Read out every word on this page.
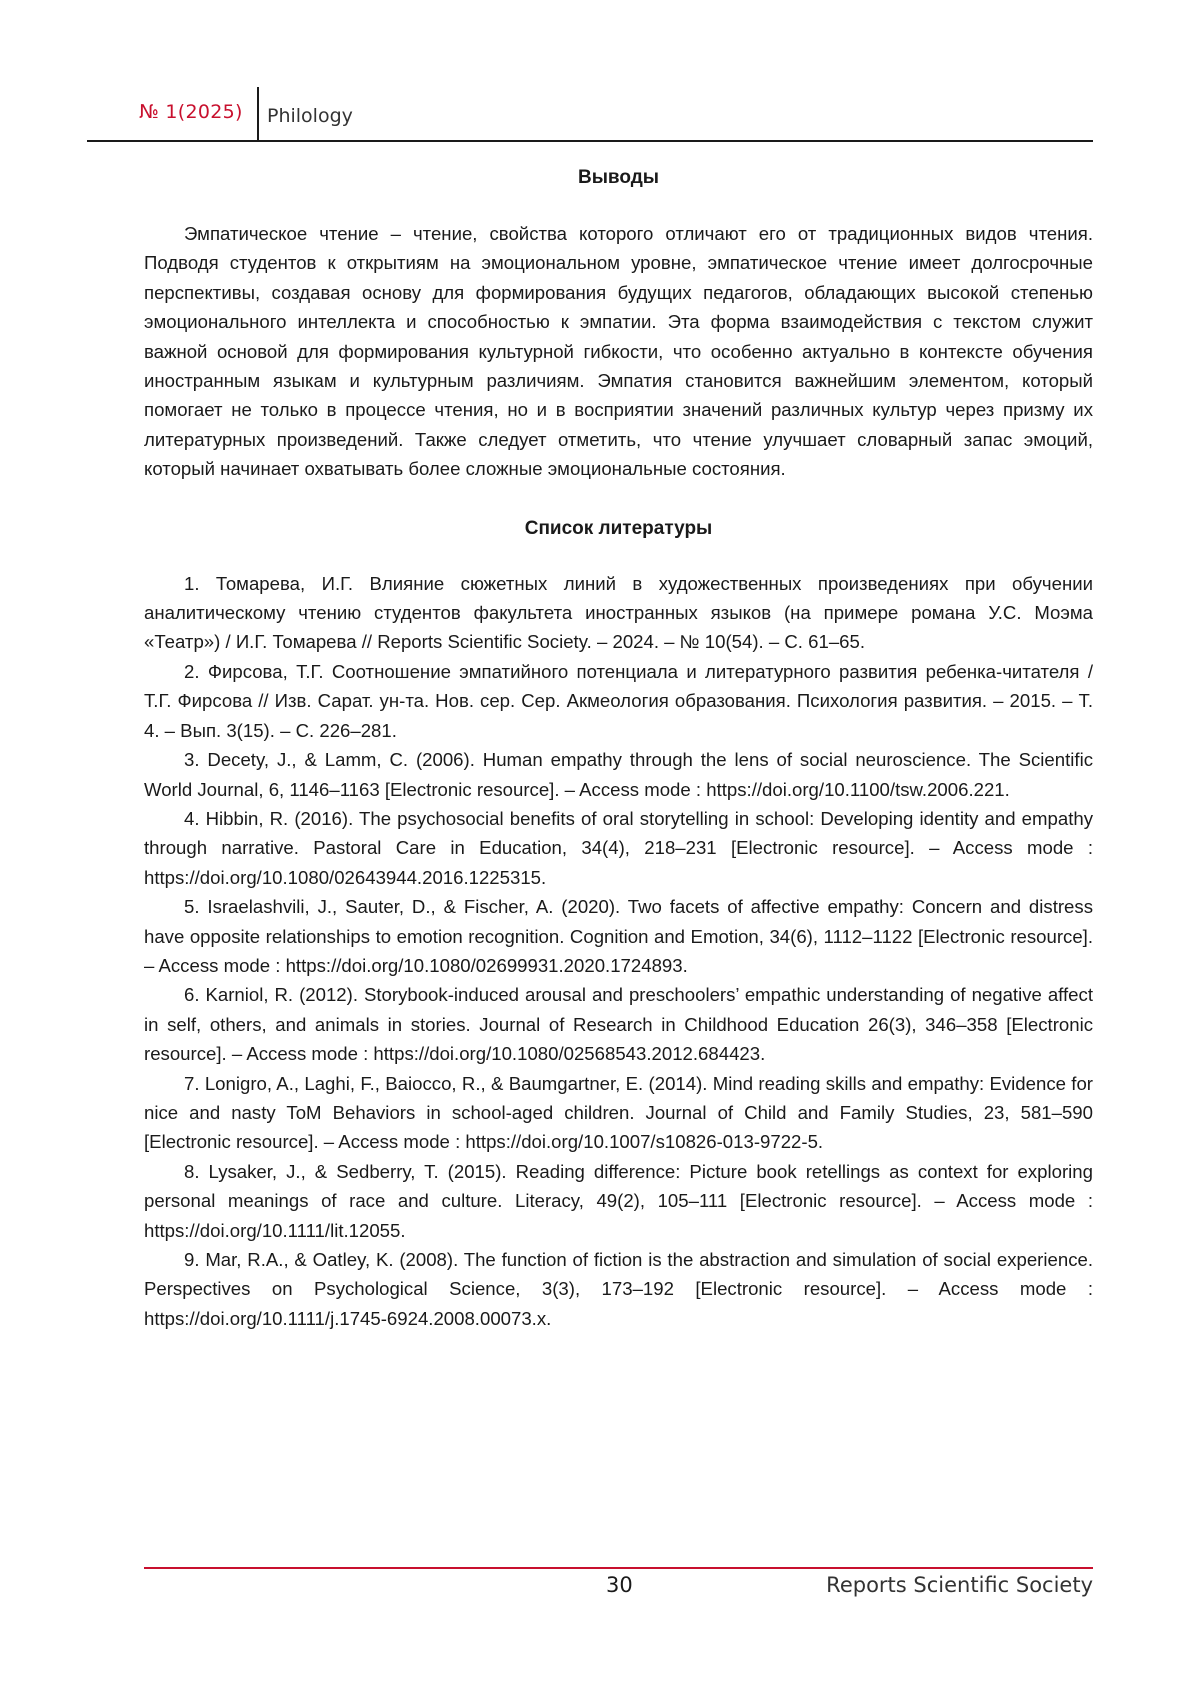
№ 1(2025) Philology
Выводы

Эмпатическое чтение – чтение, свойства которого отличают его от традиционных видов чтения. Подводя студентов к открытиям на эмоциональном уровне, эмпатическое чтение имеет долгосрочные перспективы, создавая основу для формирования будущих педагогов, обладающих высокой степенью эмоционального интеллекта и способностью к эмпатии. Эта форма взаимодействия с текстом служит важной основой для формирования культурной гибкости, что особенно актуально в контексте обучения иностранным языкам и культурным различиям. Эмпатия становится важнейшим элементом, который помогает не только в процессе чтения, но и в восприятии значений различных культур через призму их литературных произведений. Также следует отметить, что чтение улучшает словарный запас эмоций, который начинает охватывать более сложные эмоциональные состояния.

Список литературы

1. Томарева, И.Г. Влияние сюжетных линий в художественных произведениях при обучении аналитическому чтению студентов факультета иностранных языков (на примере романа У.С. Моэма «Театр») / И.Г. Томарева // Reports Scientific Society. – 2024. – № 10(54). – С. 61–65.

2. Фирсова, Т.Г. Соотношение эмпатийного потенциала и литературного развития ребенка-читателя / Т.Г. Фирсова // Изв. Сарат. ун-та. Нов. сер. Сер. Акмеология образования. Психология развития. – 2015. – Т. 4. – Вып. 3(15). – С. 226–281.

3. Decety, J., & Lamm, C. (2006). Human empathy through the lens of social neuroscience. The Scientific World Journal, 6, 1146–1163 [Electronic resource]. – Access mode : https://doi.org/10.1100/tsw.2006.221.

4. Hibbin, R. (2016). The psychosocial benefits of oral storytelling in school: Developing identity and empathy through narrative. Pastoral Care in Education, 34(4), 218–231 [Electronic resource]. – Access mode : https://doi.org/10.1080/02643944.2016.1225315.

5. Israelashvili, J., Sauter, D., & Fischer, A. (2020). Two facets of affective empathy: Concern and distress have opposite relationships to emotion recognition. Cognition and Emotion, 34(6), 1112–1122 [Electronic resource]. – Access mode : https://doi.org/10.1080/02699931.2020.1724893.

6. Karniol, R. (2012). Storybook-induced arousal and preschoolers’ empathic understanding of negative affect in self, others, and animals in stories. Journal of Research in Childhood Education 26(3), 346–358 [Electronic resource]. – Access mode : https://doi.org/10.1080/02568543.2012.684423.

7. Lonigro, A., Laghi, F., Baiocco, R., & Baumgartner, E. (2014). Mind reading skills and empathy: Evidence for nice and nasty ToM Behaviors in school-aged children. Journal of Child and Family Studies, 23, 581–590 [Electronic resource]. – Access mode : https://doi.org/10.1007/s10826-013-9722-5.

8. Lysaker, J., & Sedberry, T. (2015). Reading difference: Picture book retellings as context for exploring personal meanings of race and culture. Literacy, 49(2), 105–111 [Electronic resource]. – Access mode : https://doi.org/10.1111/lit.12055.

9. Mar, R.A., & Oatley, K. (2008). The function of fiction is the abstraction and simulation of social experience. Perspectives on Psychological Science, 3(3), 173–192 [Electronic resource]. – Access mode : https://doi.org/10.1111/j.1745-6924.2008.00073.x.

30	Reports Scientific Society
